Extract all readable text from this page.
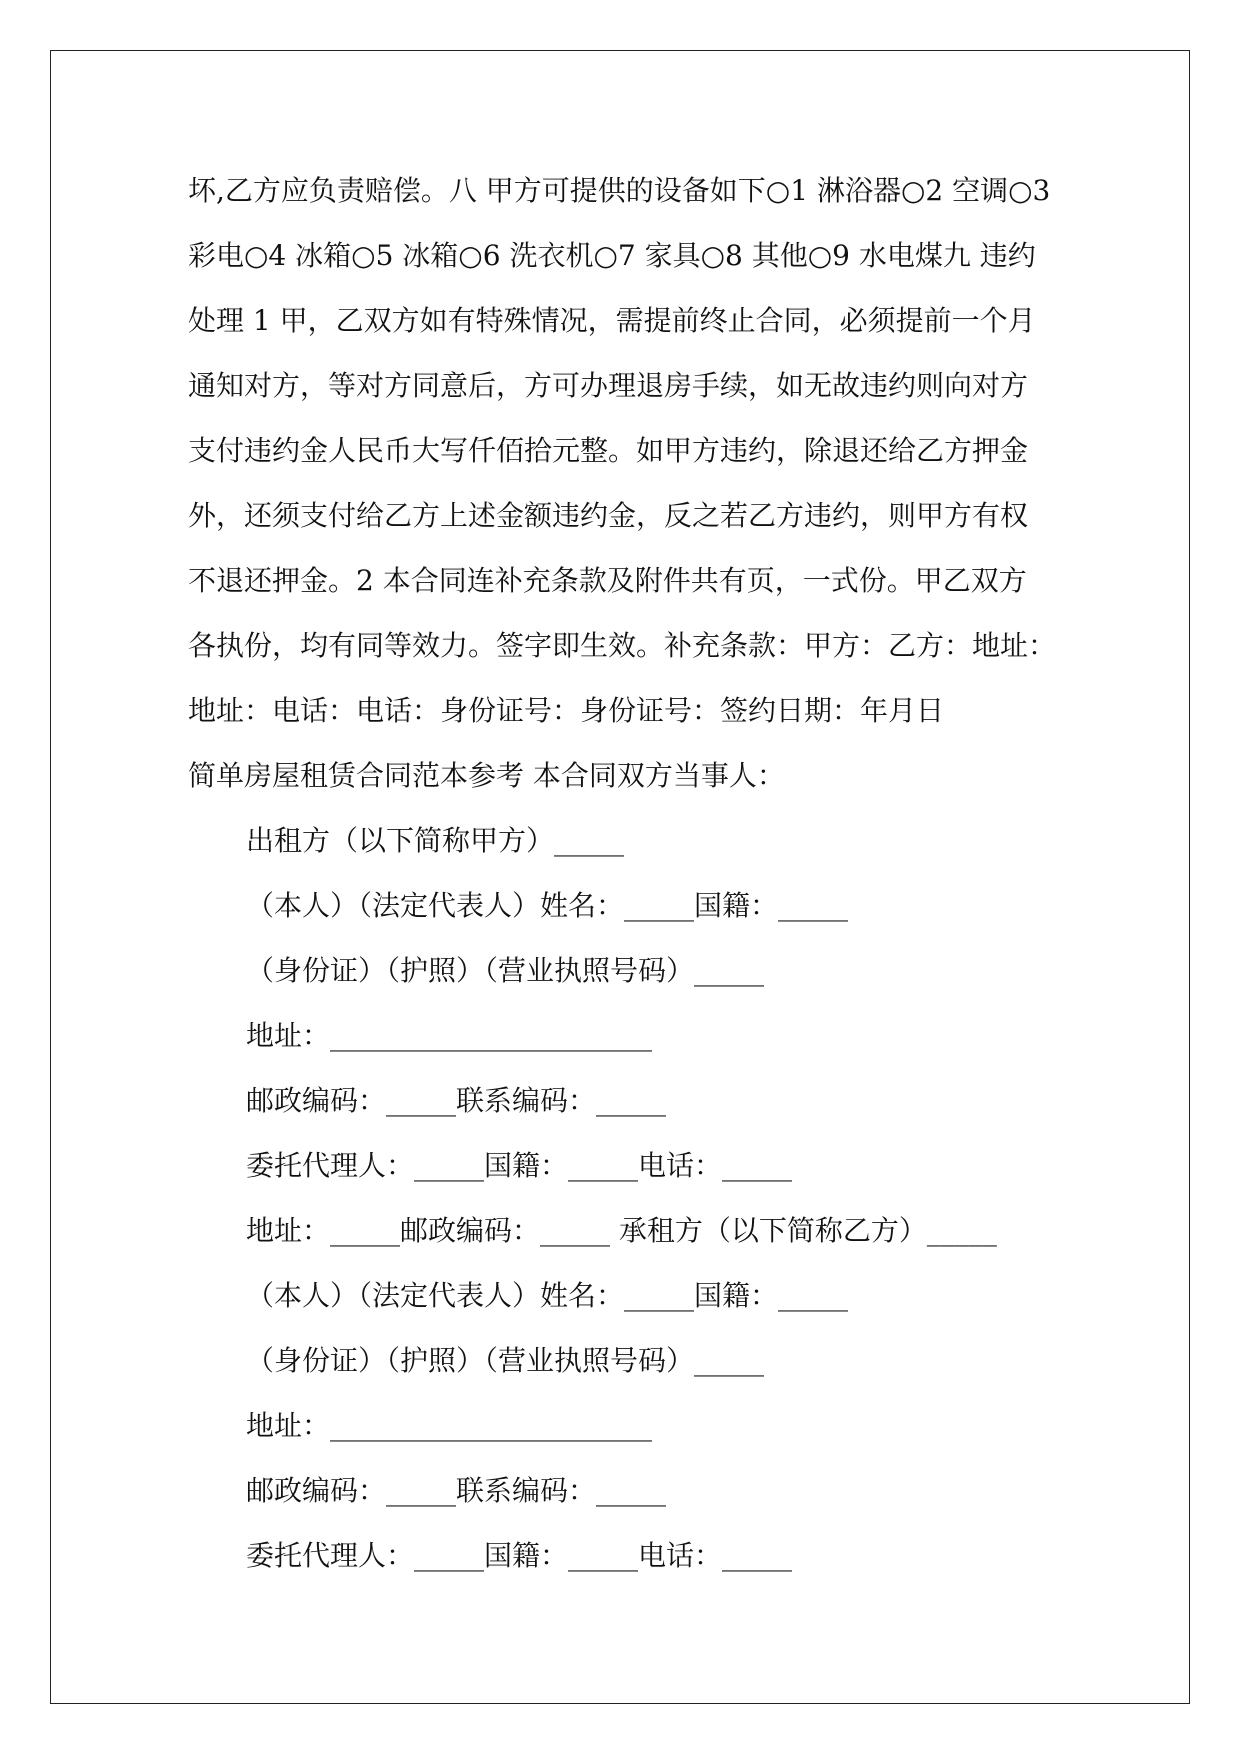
坏,乙方应负责赔偿。八 甲方可提供的设备如下○1 淋浴器○2 空调○3
彩电○4 冰箱○5 冰箱○6 洗衣机○7 家具○8 其他○9 水电煤九 违约
处理 1 甲，乙双方如有特殊情况，需提前终止合同，必须提前一个月
通知对方，等对方同意后，方可办理退房手续，如无故违约则向对方
支付违约金人民币大写仟佰拾元整。如甲方违约，除退还给乙方押金
外，还须支付给乙方上述金额违约金，反之若乙方违约，则甲方有权
不退还押金。2 本合同连补充条款及附件共有页，一式份。甲乙双方
各执份，均有同等效力。签字即生效。补充条款：甲方：乙方：地址：
地址：电话：电话：身份证号：身份证号：签约日期：年月日
简单房屋租赁合同范本参考 本合同双方当事人：
出租方（以下简称甲方）_____
（本人）（法定代表人）姓名：_____国籍：_____
（身份证）（护照）（营业执照号码）_____
地址：_______________________
邮政编码：_____联系编码：_____
委托代理人：_____国籍：_____电话：_____
地址：_____邮政编码：_____ 承租方（以下简称乙方）_____
（本人）（法定代表人）姓名：_____国籍：_____
（身份证）（护照）（营业执照号码）_____
地址：_______________________
邮政编码：_____联系编码：_____
委托代理人：_____国籍：_____电话：_____
